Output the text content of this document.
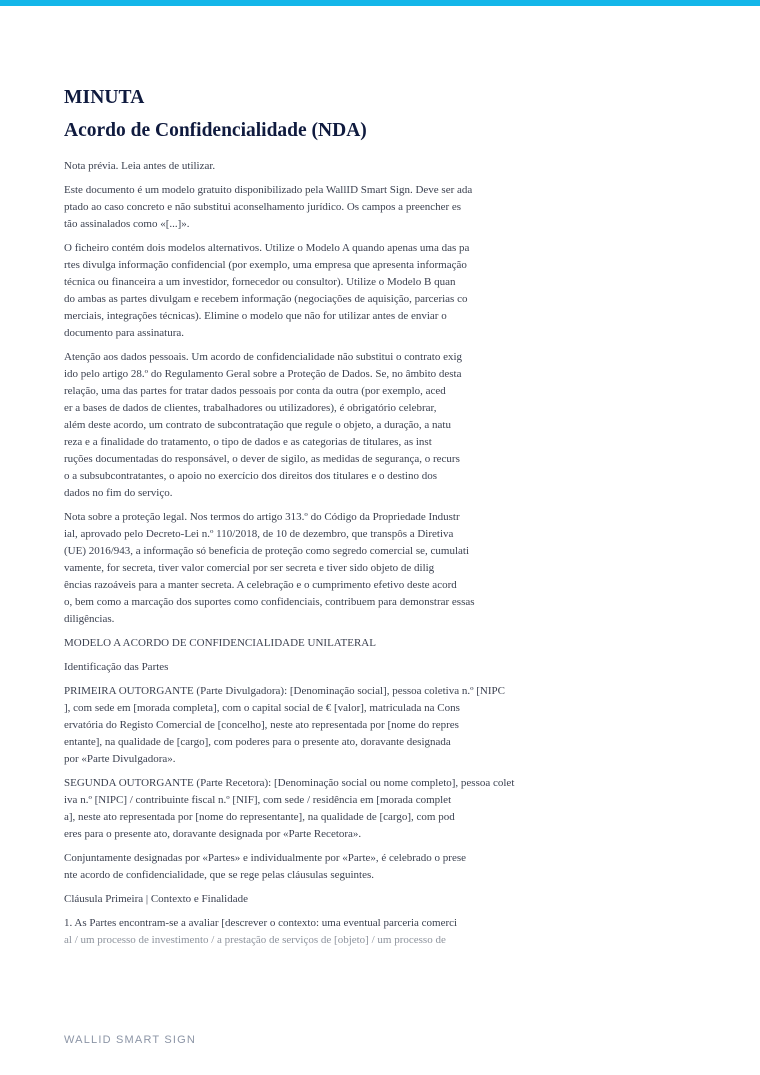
MINUTA
Acordo de Confidencialidade (NDA)

Nota prévia. Leia antes de utilizar.

Este documento é um modelo gratuito disponibilizado pela WallID Smart Sign. Deve ser ada
ptado ao caso concreto e não substitui aconselhamento jurídico. Os campos a preencher es
tão assinalados como «[...]».

O ficheiro contém dois modelos alternativos. Utilize o Modelo A quando apenas uma das pa
rtes divulga informação confidencial (por exemplo, uma empresa que apresenta informação
técnica ou financeira a um investidor, fornecedor ou consultor). Utilize o Modelo B quan
do ambas as partes divulgam e recebem informação (negociações de aquisição, parcerias co
merciais, integrações técnicas). Elimine o modelo que não for utilizar antes de enviar o
documento para assinatura.

Atenção aos dados pessoais. Um acordo de confidencialidade não substitui o contrato exig
ido pelo artigo 28.º do Regulamento Geral sobre a Proteção de Dados. Se, no âmbito desta
relação, uma das partes for tratar dados pessoais por conta da outra (por exemplo, aced
er a bases de dados de clientes, trabalhadores ou utilizadores), é obrigatório celebrar,
além deste acordo, um contrato de subcontratação que regule o objeto, a duração, a natu
reza e a finalidade do tratamento, o tipo de dados e as categorias de titulares, as inst
ruções documentadas do responsável, o dever de sigilo, as medidas de segurança, o recurs
o a subsubcontratantes, o apoio no exercício dos direitos dos titulares e o destino dos
dados no fim do serviço.

Nota sobre a proteção legal. Nos termos do artigo 313.º do Código da Propriedade Industr
ial, aprovado pelo Decreto-Lei n.º 110/2018, de 10 de dezembro, que transpôs a Diretiva
(UE) 2016/943, a informação só beneficia de proteção como segredo comercial se, cumulati
vamente, for secreta, tiver valor comercial por ser secreta e tiver sido objeto de dilig
ências razoáveis para a manter secreta. A celebração e o cumprimento efetivo deste acord
o, bem como a marcação dos suportes como confidenciais, contribuem para demonstrar essas
diligências.

MODELO A ACORDO DE CONFIDENCIALIDADE UNILATERAL

Identificação das Partes

PRIMEIRA OUTORGANTE (Parte Divulgadora): [Denominação social], pessoa coletiva n.º [NIPC
], com sede em [morada completa], com o capital social de € [valor], matriculada na Cons
ervatória do Registo Comercial de [concelho], neste ato representada por [nome do repres
entante], na qualidade de [cargo], com poderes para o presente ato, doravante designada
por «Parte Divulgadora».

SEGUNDA OUTORGANTE (Parte Recetora): [Denominação social ou nome completo], pessoa colet
iva n.º [NIPC] / contribuinte fiscal n.º [NIF], com sede / residência em [morada complet
a], neste ato representada por [nome do representante], na qualidade de [cargo], com pod
eres para o presente ato, doravante designada por «Parte Recetora».

Conjuntamente designadas por «Partes» e individualmente por «Parte», é celebrado o prese
nte acordo de confidencialidade, que se rege pelas cláusulas seguintes.

Cláusula Primeira | Contexto e Finalidade

1. As Partes encontram-se a avaliar [descrever o contexto: uma eventual parceria comerci
al / um processo de investimento / a prestação de serviços de [objeto] / um processo de

WALLID SMART SIGN
